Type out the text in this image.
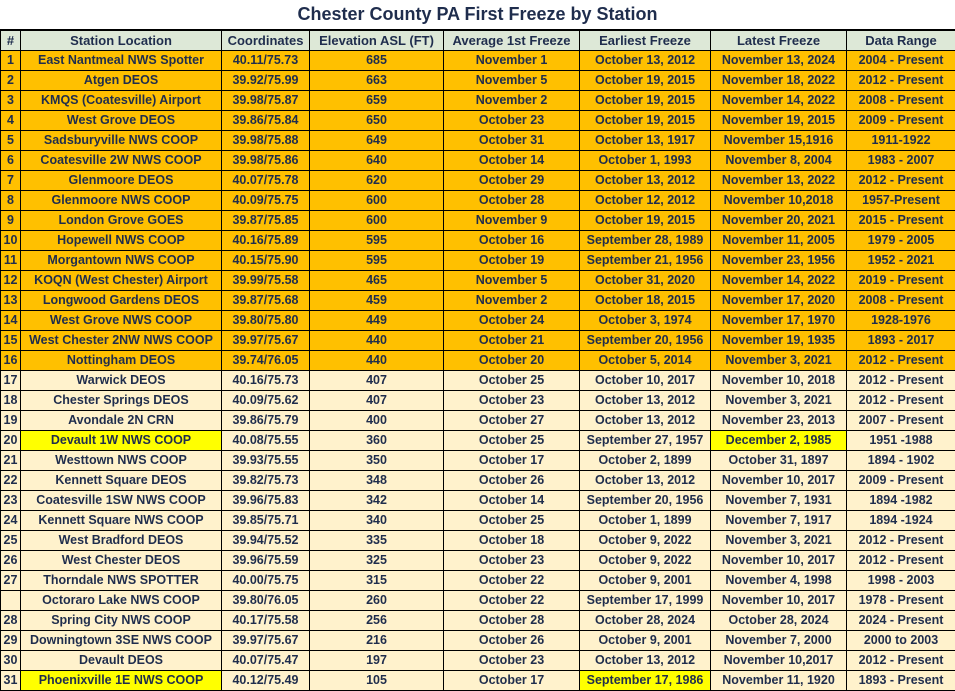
Chester County PA First Freeze by Station
#	Station Location	Coordinates	Elevation ASL (FT)	Average 1st Freeze	Earliest Freeze	Latest Freeze	Data Range
1	East Nantmeal NWS Spotter	40.11/75.73	685	November 1	October 13, 2012	November 13, 2024	2004 - Present
2	Atgen DEOS	39.92/75.99	663	November 5	October 19, 2015	November 18, 2022	2012 - Present
3	KMQS (Coatesville) Airport	39.98/75.87	659	November 2	October 19, 2015	November 14, 2022	2008 - Present
4	West Grove DEOS	39.86/75.84	650	October 23	October 19, 2015	November 19, 2015	2009 - Present
5	Sadsburyville NWS COOP	39.98/75.88	649	October 31	October 13, 1917	November 15,1916	1911-1922
6	Coatesville 2W NWS COOP	39.98/75.86	640	October 14	October 1, 1993	November 8, 2004	1983 - 2007
7	Glenmoore DEOS	40.07/75.78	620	October 29	October 13, 2012	November 13, 2022	2012 - Present
8	Glenmoore NWS COOP	40.09/75.75	600	October 28	October 12, 2012	November 10,2018	1957-Present
9	London Grove GOES	39.87/75.85	600	November 9	October 19, 2015	November 20, 2021	2015 - Present
10	Hopewell NWS COOP	40.16/75.89	595	October 16	September 28, 1989	November 11, 2005	1979 - 2005
11	Morgantown NWS COOP	40.15/75.90	595	October 19	September 21, 1956	November 23, 1956	1952 - 2021
12	KOQN (West Chester) Airport	39.99/75.58	465	November 5	October 31, 2020	November 14, 2022	2019 - Present
13	Longwood Gardens DEOS	39.87/75.68	459	November 2	October 18, 2015	November 17, 2020	2008 - Present
14	West Grove NWS COOP	39.80/75.80	449	October 24	October 3, 1974	November 17, 1970	1928-1976
15	West Chester 2NW NWS COOP	39.97/75.67	440	October 21	September 20, 1956	November 19, 1935	1893 - 2017
16	Nottingham DEOS	39.74/76.05	440	October 20	October 5, 2014	November 3, 2021	2012 - Present
17	Warwick DEOS	40.16/75.73	407	October 25	October 10, 2017	November 10, 2018	2012 - Present
18	Chester Springs DEOS	40.09/75.62	407	October 23	October 13, 2012	November 3, 2021	2012 - Present
19	Avondale 2N CRN	39.86/75.79	400	October 27	October 13, 2012	November 23, 2013	2007 - Present
20	Devault 1W NWS COOP	40.08/75.55	360	October 25	September 27, 1957	December 2, 1985	1951 -1988
21	Westtown NWS COOP	39.93/75.55	350	October 17	October 2, 1899	October 31, 1897	1894 - 1902
22	Kennett Square DEOS	39.82/75.73	348	October 26	October 13, 2012	November 10, 2017	2009 - Present
23	Coatesville 1SW NWS COOP	39.96/75.83	342	October 14	September 20, 1956	November 7, 1931	1894 -1982
24	Kennett Square NWS COOP	39.85/75.71	340	October 25	October 1, 1899	November 7, 1917	1894 -1924
25	West Bradford DEOS	39.94/75.52	335	October 18	October 9, 2022	November 3, 2021	2012 - Present
26	West Chester DEOS	39.96/75.59	325	October 23	October 9, 2022	November 10, 2017	2012 - Present
27	Thorndale NWS SPOTTER	40.00/75.75	315	October 22	October 9, 2001	November 4, 1998	1998 - 2003
	Octoraro Lake NWS COOP	39.80/76.05	260	October 22	September 17, 1999	November 10, 2017	1978 - Present
28	Spring City NWS COOP	40.17/75.58	256	October 28	October 28, 2024	October 28, 2024	2024 - Present
29	Downingtown 3SE NWS COOP	39.97/75.67	216	October 26	October 9, 2001	November 7, 2000	2000 to 2003
30	Devault DEOS	40.07/75.47	197	October 23	October 13, 2012	November 10,2017	2012 - Present
31	Phoenixville 1E NWS COOP	40.12/75.49	105	October 17	September 17, 1986	November 11, 1920	1893 - Present
